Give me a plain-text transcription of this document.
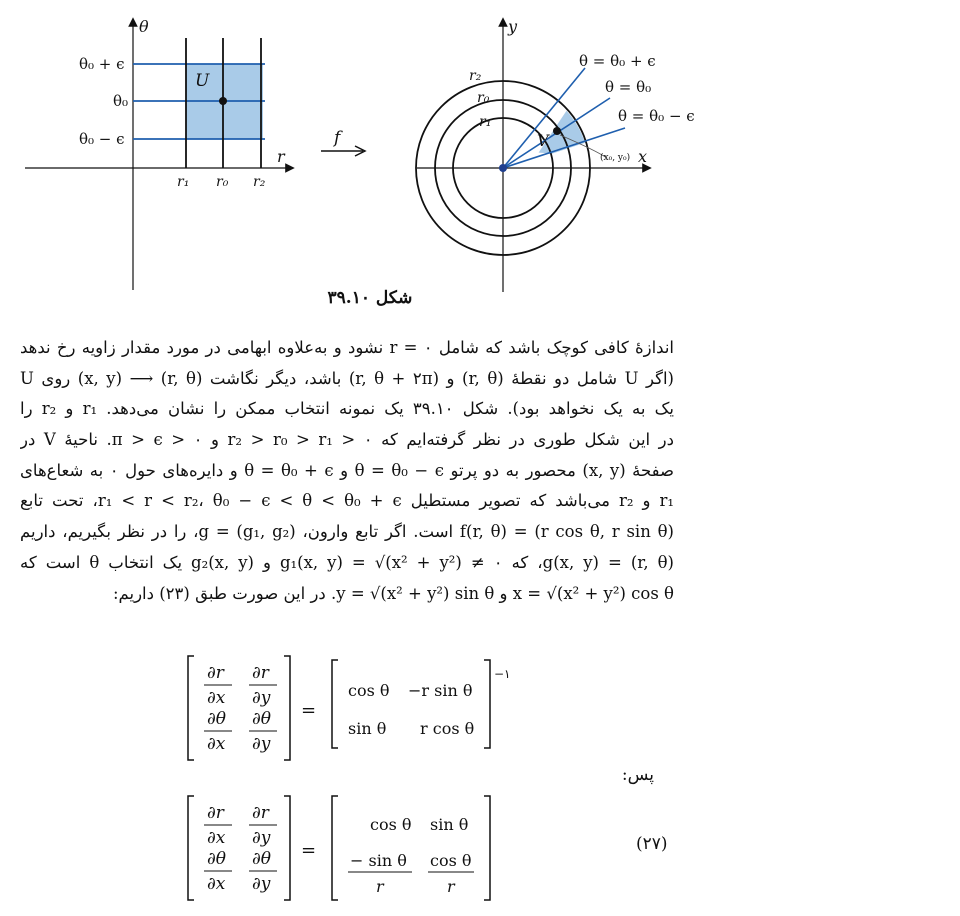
θ
r
U
θ₀ + ϵ
θ₀
θ₀ − ϵ
r₁ r₀ r₂
f
(x₀, y₀)
y
x
V
r₂
r₀
r₁
θ = θ₀ + ϵ
θ = θ₀
θ = θ₀ − ϵ
شکل ۳۹.۱۰
اندازهٔ کافی کوچک باشد که شامل ۰ = r نشود و به‌علاوه ابهامی در مورد مقدار زاویه رخ ندهد
(اگر U شامل دو نقطهٔ (r, θ) و (r, θ + ۲π) باشد، دیگر نگاشت (r, θ) ⟶ (x, y) روی U
یک به یک نخواهد بود). شکل ۳۹.۱۰ یک نمونه انتخاب ممکن را نشان می‌دهد. r₁ و r₂ را
در این شکل طوری در نظر گرفته‌ایم که r₂ > r₀ > r₁ > ۰ و π > ϵ > ۰. ناحیهٔ V در
صفحهٔ (x, y) محصور به دو پرتو θ = θ₀ − ϵ و θ = θ₀ + ϵ و دایره‌های حول ۰ به شعاع‌های
r₁ و r₂ می‌باشد که تصویر مستطیل r₁ < r < r₂، θ₀ − ϵ < θ < θ₀ + ϵ، تحت تابع
f(r, θ) = (r cos θ, r sin θ) است. اگر تابع وارون، g = (g₁, g₂)، را در نظر بگیریم، داریم
(r, θ) = g(x, y)، که g₁(x, y) = √(x² + y²) ≠ ۰ و g₂(x, y) یک انتخاب θ است که
x = √(x² + y²) cos θ و y = √(x² + y²) sin θ. در این صورت طبق (۲۳) داریم:
∂r
∂x
∂r
∂y
∂θ
∂x
∂θ
∂y
=
cos θ −r sin θ
sin θ r cos θ
−۱
پس:
∂r
∂x
∂r
∂y
∂θ
∂x
∂θ
∂y
=
cos θ sin θ
− sin θ
r
cos θ
r
(۲۷)
